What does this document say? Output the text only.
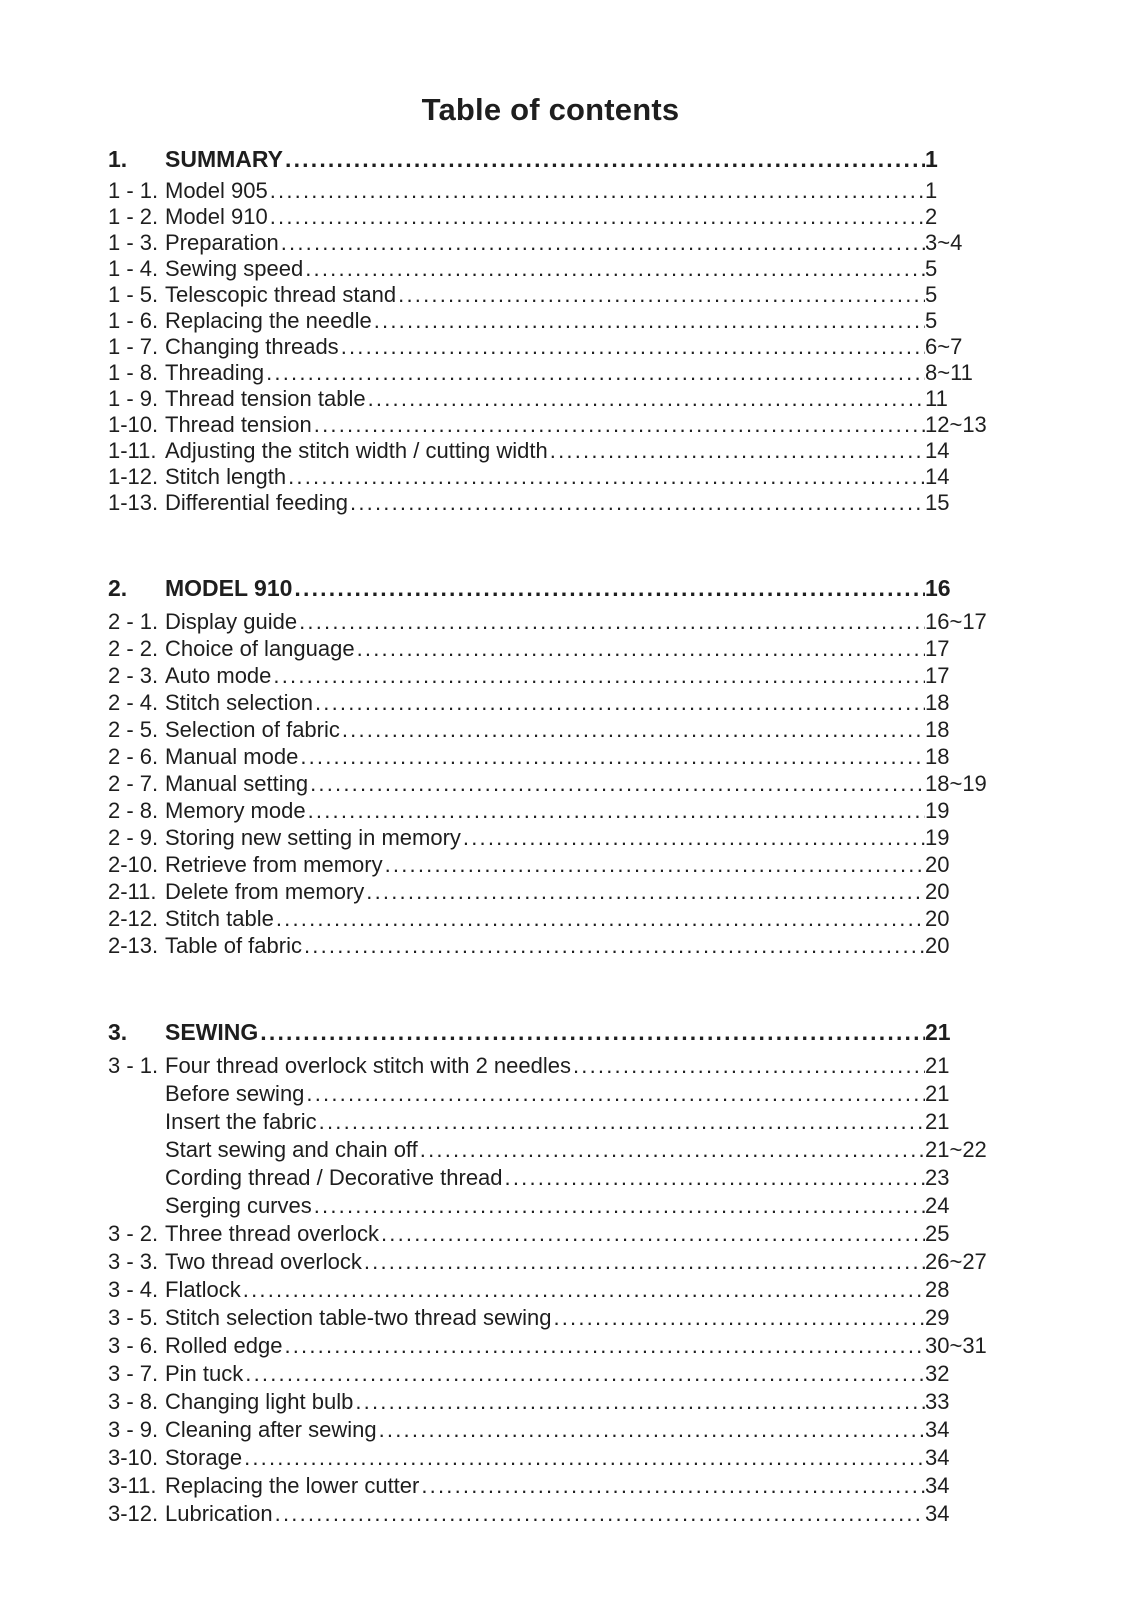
Table of contents
1.	SUMMARY .....	1
1 - 1. Model 905 .....	1
1 - 2. Model 910 .....	2
1 - 3. Preparation .....	3~4
1 - 4. Sewing speed .....	5
1 - 5. Telescopic thread stand .....	5
1 - 6. Replacing the needle .....	5
1 - 7. Changing threads .....	6~7
1 - 8. Threading .....	8~11
1 - 9. Thread tension table .....	11
1-10. Thread tension .....	12~13
1-11. Adjusting the stitch width / cutting width .....	14
1-12. Stitch length .....	14
1-13. Differential feeding .....	15
2.	MODEL 910 .....	16
2 - 1. Display guide .....	16~17
2 - 2. Choice of language .....	17
2 - 3. Auto mode .....	17
2 - 4. Stitch selection .....	18
2 - 5. Selection of fabric .....	18
2 - 6. Manual mode .....	18
2 - 7. Manual setting .....	18~19
2 - 8. Memory mode .....	19
2 - 9. Storing new setting in memory .....	19
2-10. Retrieve from memory .....	20
2-11. Delete from memory .....	20
2-12. Stitch table .....	20
2-13. Table of fabric .....	20
3.	SEWING .....	21
3 - 1. Four thread overlock stitch with 2 needles .....	21
Before sewing .....	21
Insert the fabric .....	21
Start sewing and chain off .....	21~22
Cording thread / Decorative thread .....	23
Serging curves .....	24
3 - 2. Three thread overlock .....	25
3 - 3. Two thread overlock .....	26~27
3 - 4. Flatlock .....	28
3 - 5. Stitch selection table-two thread sewing .....	29
3 - 6. Rolled edge .....	30~31
3 - 7. Pin tuck .....	32
3 - 8. Changing light bulb .....	33
3 - 9. Cleaning after sewing .....	34
3-10. Storage .....	34
3-11. Replacing the lower cutter .....	34
3-12. Lubrication .....	34
